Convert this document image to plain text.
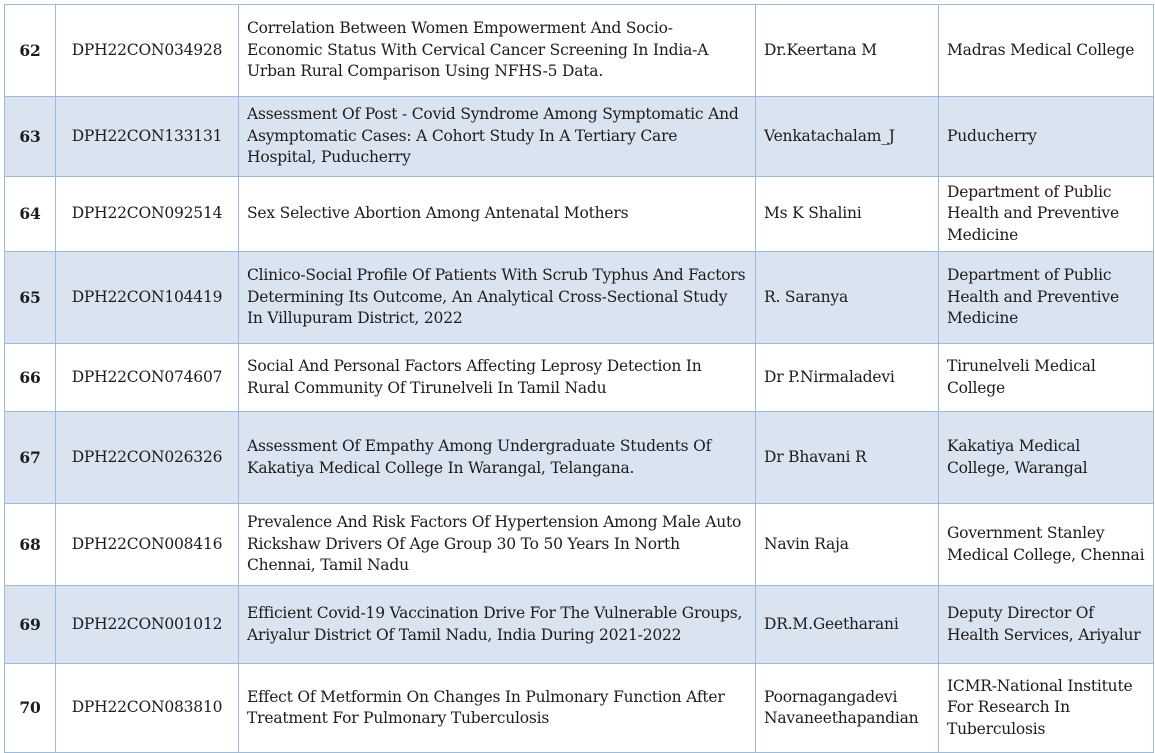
62	DPH22CON034928	Correlation Between Women Empowerment And Socio-Economic Status With Cervical Cancer Screening In India-A Urban Rural Comparison Using NFHS-5 Data.	Dr.Keertana M	Madras Medical College
63	DPH22CON133131	Assessment Of Post - Covid Syndrome Among Symptomatic And Asymptomatic Cases: A Cohort Study In A Tertiary Care Hospital, Puducherry	Venkatachalam_J	Puducherry
64	DPH22CON092514	Sex Selective Abortion Among Antenatal Mothers	Ms K Shalini	Department of Public Health and Preventive Medicine
65	DPH22CON104419	Clinico-Social Profile Of Patients With Scrub Typhus And Factors Determining Its Outcome, An Analytical Cross-Sectional Study In Villupuram District, 2022	R. Saranya	Department of Public Health and Preventive Medicine
66	DPH22CON074607	Social And Personal Factors Affecting Leprosy Detection In Rural Community Of Tirunelveli In Tamil Nadu	Dr P.Nirmaladevi	Tirunelveli Medical College
67	DPH22CON026326	Assessment Of Empathy Among Undergraduate Students Of Kakatiya Medical College In Warangal, Telangana.	Dr Bhavani R	Kakatiya Medical College, Warangal
68	DPH22CON008416	Prevalence And Risk Factors Of Hypertension Among Male Auto Rickshaw Drivers Of Age Group 30 To 50 Years In North Chennai, Tamil Nadu	Navin Raja	Government Stanley Medical College, Chennai
69	DPH22CON001012	Efficient Covid-19 Vaccination Drive For The Vulnerable Groups, Ariyalur District Of Tamil Nadu, India During 2021-2022	DR.M.Geetharani	Deputy Director Of Health Services, Ariyalur
70	DPH22CON083810	Effect Of Metformin On Changes In Pulmonary Function After Treatment For Pulmonary Tuberculosis	Poornagangadevi Navaneethapandian	ICMR-National Institute For Research In Tuberculosis
